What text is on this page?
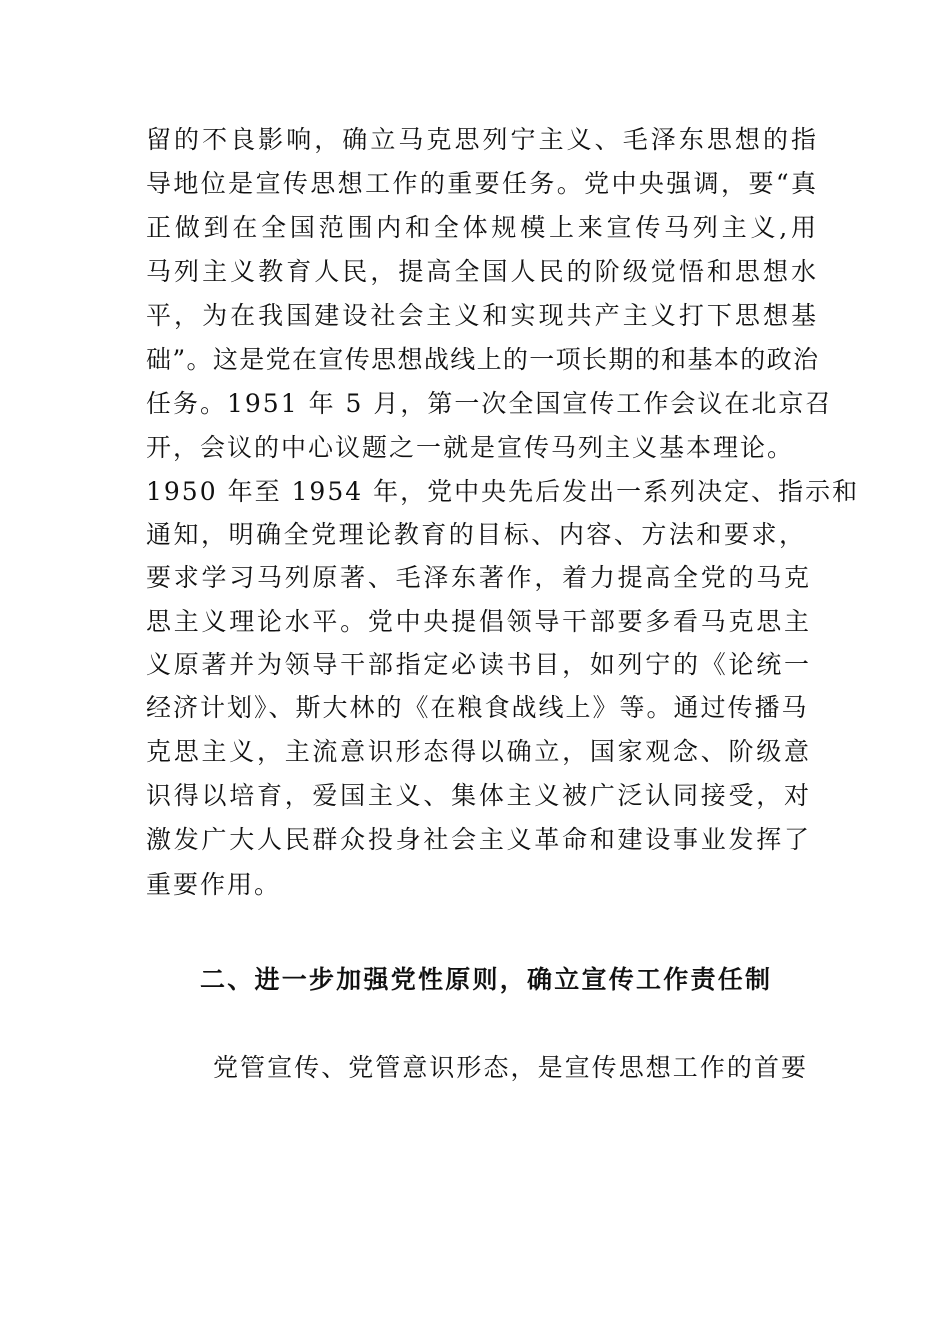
留的不良影响，确立马克思列宁主义、毛泽东思想的指
导地位是宣传思想工作的重要任务。党中央强调，要“真
正做到在全国范围内和全体规模上来宣传马列主义,用
马列主义教育人民，提高全国人民的阶级觉悟和思想水
平，为在我国建设社会主义和实现共产主义打下思想基
础”。这是党在宣传思想战线上的一项长期的和基本的政治
任务。1951 年 5 月，第一次全国宣传工作会议在北京召
开，会议的中心议题之一就是宣传马列主义基本理论。
1950 年至 1954 年，党中央先后发出一系列决定、指示和
通知，明确全党理论教育的目标、内容、方法和要求，
要求学习马列原著、毛泽东著作，着力提高全党的马克
思主义理论水平。党中央提倡领导干部要多看马克思主
义原著并为领导干部指定必读书目，如列宁的《论统一
经济计划》、斯大林的《在粮食战线上》等。通过传播马
克思主义，主流意识形态得以确立，国家观念、阶级意
识得以培育，爱国主义、集体主义被广泛认同接受，对
激发广大人民群众投身社会主义革命和建设事业发挥了
重要作用。
二、进一步加强党性原则，确立宣传工作责任制
党管宣传、党管意识形态，是宣传思想工作的首要
